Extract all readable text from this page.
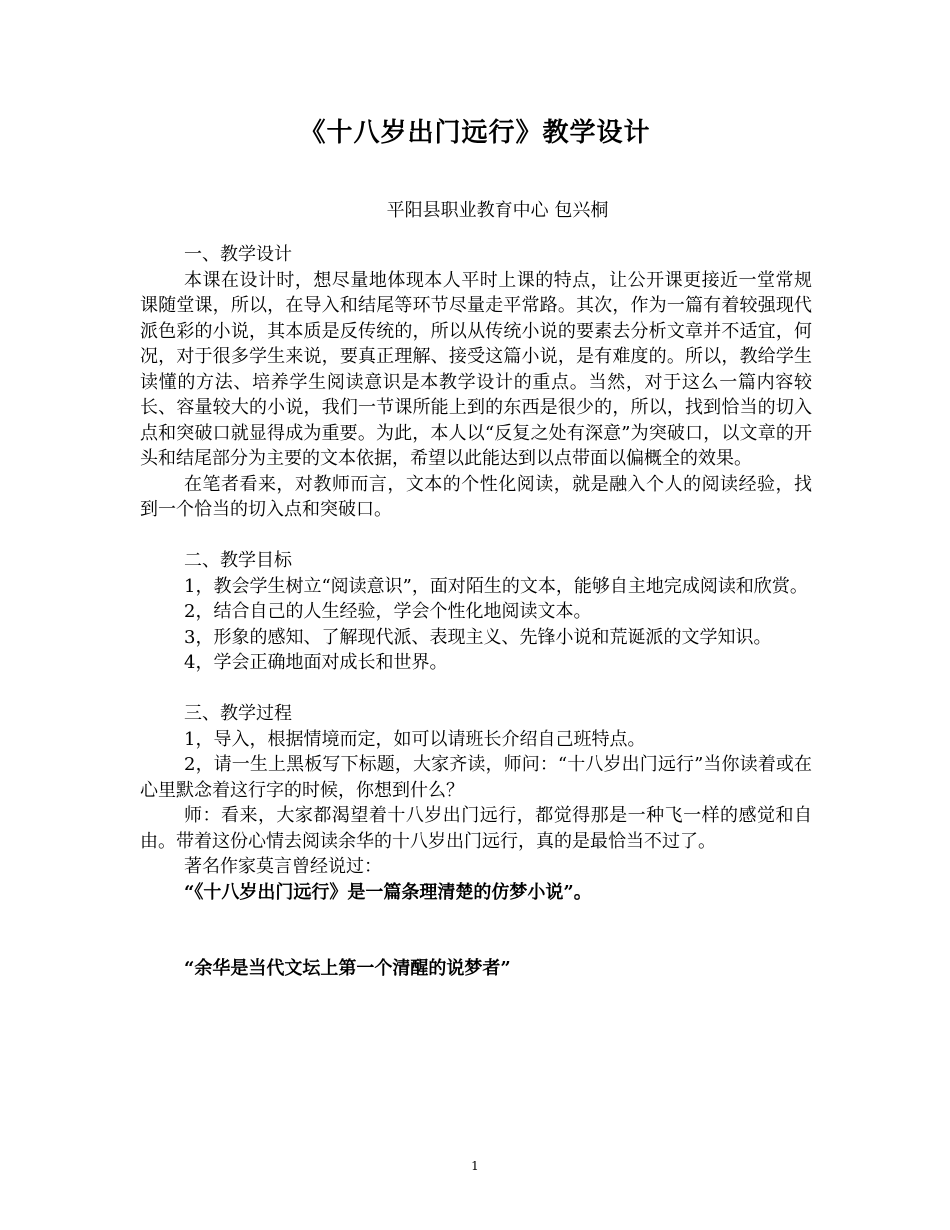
《十八岁出门远行》教学设计
平阳县职业教育中心 包兴桐

一、教学设计

本课在设计时，想尽量地体现本人平时上课的特点，让公开课更接近一堂常规课随堂课，所以，在导入和结尾等环节尽量走平常路。其次，作为一篇有着较强现代派色彩的小说，其本质是反传统的，所以从传统小说的要素去分析文章并不适宜，何况，对于很多学生来说，要真正理解、接受这篇小说，是有难度的。所以，教给学生读懂的方法、培养学生阅读意识是本教学设计的重点。当然，对于这么一篇内容较长、容量较大的小说，我们一节课所能上到的东西是很少的，所以，找到恰当的切入点和突破口就显得成为重要。为此，本人以“反复之处有深意”为突破口，以文章的开头和结尾部分为主要的文本依据，希望以此能达到以点带面以偏概全的效果。

在笔者看来，对教师而言，文本的个性化阅读，就是融入个人的阅读经验，找到一个恰当的切入点和突破口。

二、教学目标

1，教会学生树立“阅读意识”，面对陌生的文本，能够自主地完成阅读和欣赏。

2，结合自己的人生经验，学会个性化地阅读文本。

3，形象的感知、了解现代派、表现主义、先锋小说和荒诞派的文学知识。

4，学会正确地面对成长和世界。

三、教学过程

1，导入，根据情境而定，如可以请班长介绍自己班特点。

2，请一生上黑板写下标题，大家齐读，师问：“十八岁出门远行”当你读着或在心里默念着这行字的时候，你想到什么？

师：看来，大家都渴望着十八岁出门远行，都觉得那是一种飞一样的感觉和自由。带着这份心情去阅读余华的十八岁出门远行，真的是最恰当不过了。

著名作家莫言曾经说过：

“《十八岁出门远行》是一篇条理清楚的仿梦小说”。

“余华是当代文坛上第一个清醒的说梦者”

1
